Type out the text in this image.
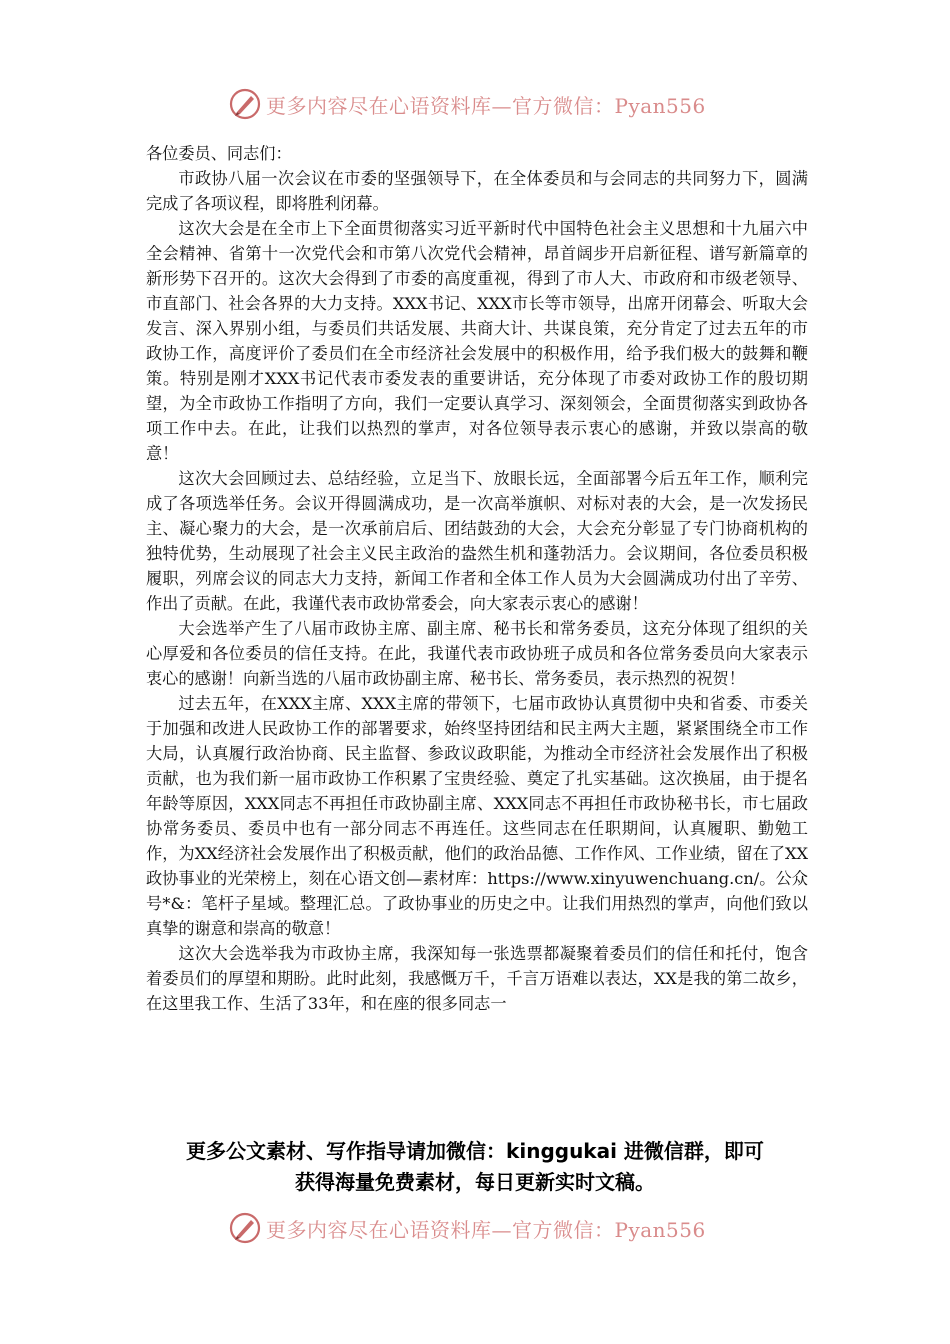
更多内容尽在心语资料库—官方微信：Pyan556

各位委员、同志们：

市政协八届一次会议在市委的坚强领导下，在全体委员和与会同志的共同努力下，圆满完成了各项议程，即将胜利闭幕。

这次大会是在全市上下全面贯彻落实习近平新时代中国特色社会主义思想和十九届六中全会精神、省第十一次党代会和市第八次党代会精神，昂首阔步开启新征程、谱写新篇章的新形势下召开的。这次大会得到了市委的高度重视，得到了市人大、市政府和市级老领导、市直部门、社会各界的大力支持。XXX书记、XXX市长等市领导，出席开闭幕会、听取大会发言、深入界别小组，与委员们共话发展、共商大计、共谋良策，充分肯定了过去五年的市政协工作，高度评价了委员们在全市经济社会发展中的积极作用，给予我们极大的鼓舞和鞭策。特别是刚才XXX书记代表市委发表的重要讲话，充分体现了市委对政协工作的殷切期望，为全市政协工作指明了方向，我们一定要认真学习、深刻领会，全面贯彻落实到政协各项工作中去。在此，让我们以热烈的掌声，对各位领导表示衷心的感谢，并致以崇高的敬意！

这次大会回顾过去、总结经验，立足当下、放眼长远，全面部署今后五年工作，顺利完成了各项选举任务。会议开得圆满成功，是一次高举旗帜、对标对表的大会，是一次发扬民主、凝心聚力的大会，是一次承前启后、团结鼓劲的大会，大会充分彰显了专门协商机构的独特优势，生动展现了社会主义民主政治的盎然生机和蓬勃活力。会议期间，各位委员积极履职，列席会议的同志大力支持，新闻工作者和全体工作人员为大会圆满成功付出了辛劳、作出了贡献。在此，我谨代表市政协常委会，向大家表示衷心的感谢！

大会选举产生了八届市政协主席、副主席、秘书长和常务委员，这充分体现了组织的关心厚爱和各位委员的信任支持。在此，我谨代表市政协班子成员和各位常务委员向大家表示衷心的感谢！向新当选的八届市政协副主席、秘书长、常务委员，表示热烈的祝贺！

过去五年，在XXX主席、XXX主席的带领下，七届市政协认真贯彻中央和省委、市委关于加强和改进人民政协工作的部署要求，始终坚持团结和民主两大主题，紧紧围绕全市工作大局，认真履行政治协商、民主监督、参政议政职能，为推动全市经济社会发展作出了积极贡献，也为我们新一届市政协工作积累了宝贵经验、奠定了扎实基础。这次换届，由于提名年龄等原因，XXX同志不再担任市政协副主席、XXX同志不再担任市政协秘书长，市七届政协常务委员、委员中也有一部分同志不再连任。这些同志在任职期间，认真履职、勤勉工作，为XX经济社会发展作出了积极贡献，他们的政治品德、工作作风、工作业绩，留在了XX政协事业的光荣榜上，刻在心语文创—素材库：https://www.xinyuwenchuang.cn/。公众号*&：笔杆子星域。整理汇总。了政协事业的历史之中。让我们用热烈的掌声，向他们致以真挚的谢意和崇高的敬意！

这次大会选举我为市政协主席，我深知每一张选票都凝聚着委员们的信任和托付，饱含着委员们的厚望和期盼。此时此刻，我感慨万千，千言万语难以表达，XX是我的第二故乡，在这里我工作、生活了33年，和在座的很多同志一

更多公文素材、写作指导请加微信：kinggukai 进微信群，即可
获得海量免费素材，每日更新实时文稿。
更多内容尽在心语资料库—官方微信：Pyan556
